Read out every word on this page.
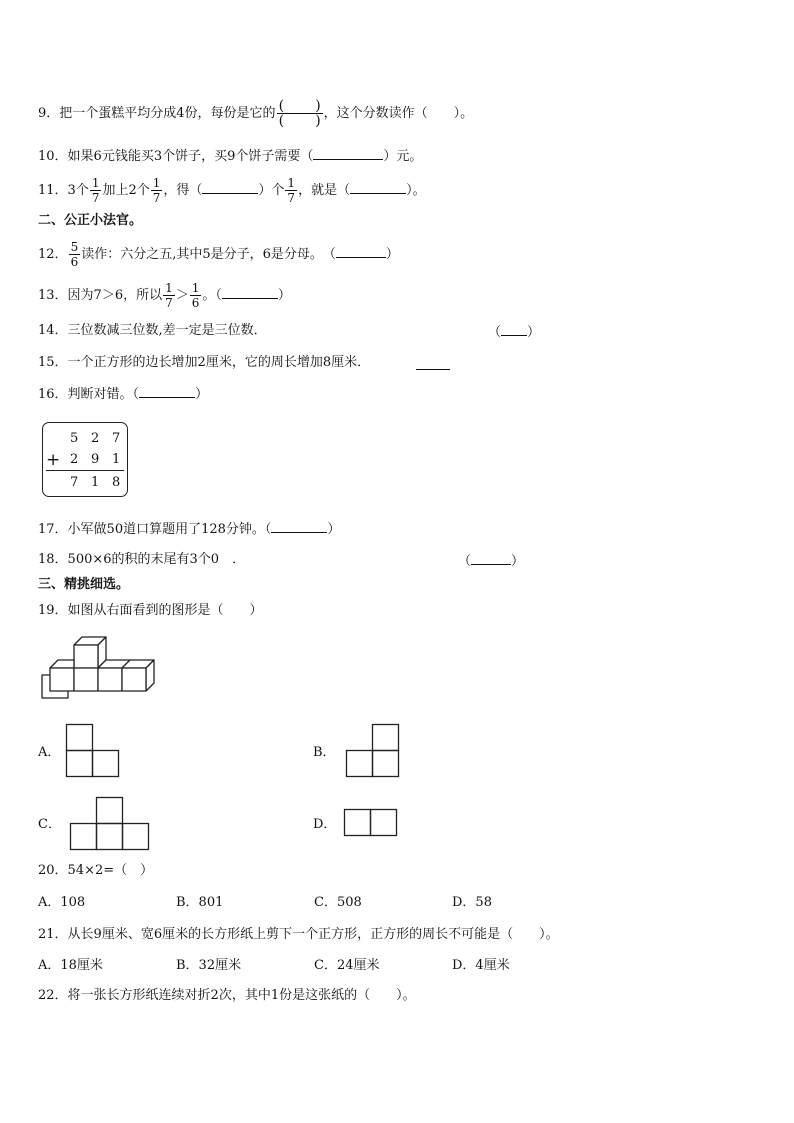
9．把一个蛋糕平均分成4份，每份是它的 $\frac{( )}{( )}$ ，这个分数读作（　　）。
10．如果6元钱能买3个饼子，买9个饼子需要（	）元。
11．3个 $\frac{1}{7}$ 加上2个 $\frac{1}{7}$ ，得（	）个 $\frac{1}{7}$ ，就是（	）。
二、公正小法官。
12． $\frac{5}{6}$ 读作：六分之五,其中5是分子，6是分母。　（	）
13．因为7＞6，所以 $\frac{1}{7} > \frac{1}{6}$ 。（	）
14．三位数减三位数,差一定是三位数．	（ ）
15．一个正方形的边长增加2厘米，它的周长增加8厘米．
16．判断对错。（	）
5 2 7
+ 2 9 1
7 1 8
17．小军做50道口算题用了128分钟。（	）
18．500×6的积的末尾有3个0　．	（	）
三、精挑细选。
19．如图从右面看到的图形是（　　）
A．	B．
C．	D．
20．54×2=（　）
A．108	B．801	C．508	D．58
21．从长9厘米、宽6厘米的长方形纸上剪下一个正方形，正方形的周长不可能是（　　）。
A．18厘米	B．32厘米	C．24厘米	D．4厘米
22．将一张长方形纸连续对折2次，其中1份是这张纸的（　　）。
